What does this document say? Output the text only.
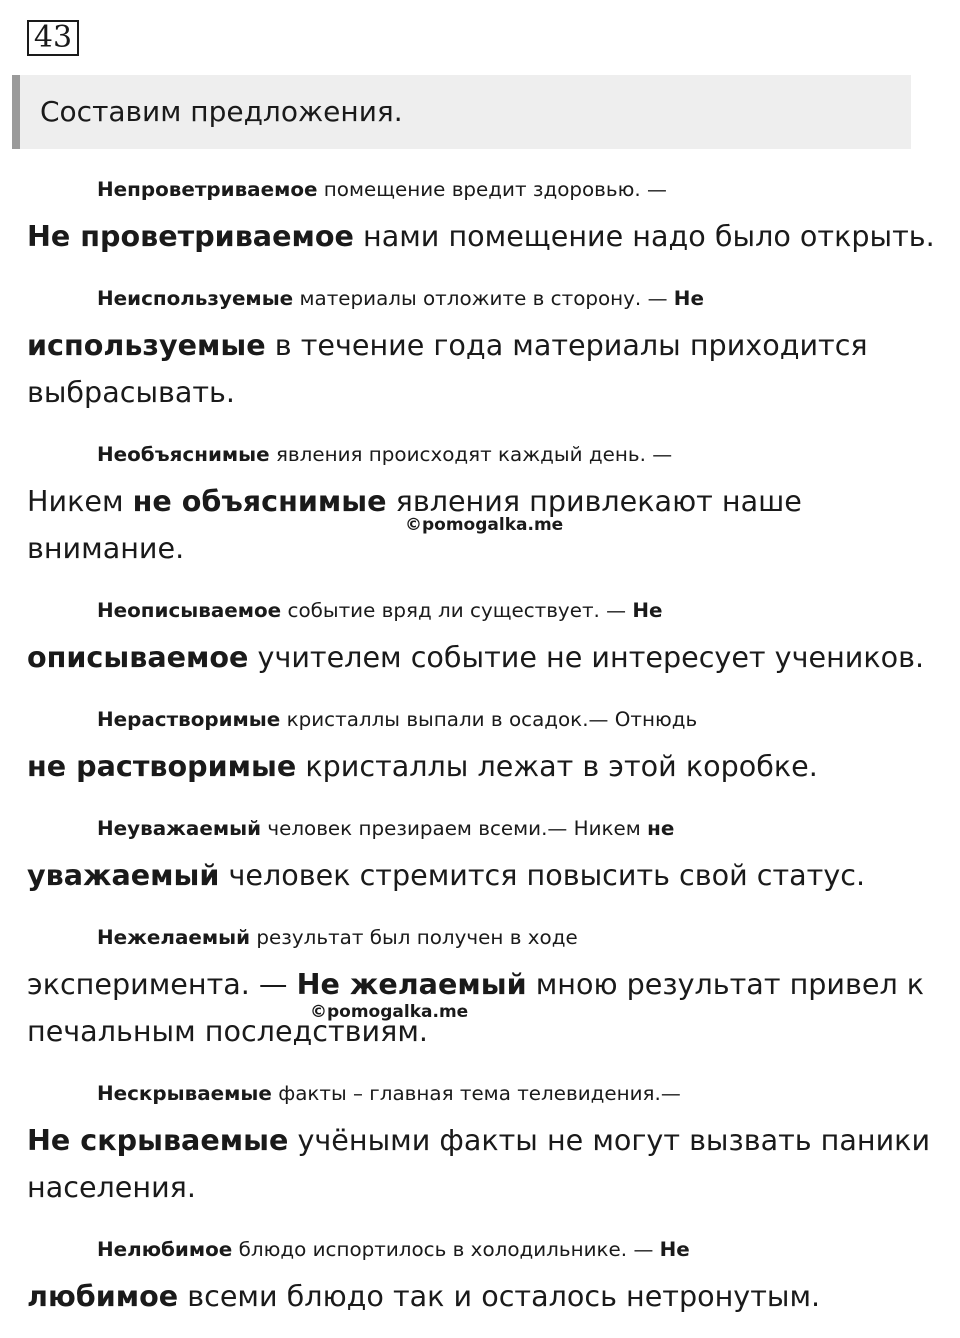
43
Составим предложения.

Непроветриваемое помещение вредит здоровью. —
Не проветриваемое нами помещение надо было открыть.

Неиспользуемые материалы отложите в сторону. — Не
используемые в течение года материалы приходится
выбрасывать.

Необъяснимые явления происходят каждый день. —
Никем не объяснимые явления привлекают наше
внимание.

Неописываемое событие вряд ли существует. — Не
описываемое учителем событие не интересует учеников.

Нерастворимые кристаллы выпали в осадок.— Отнюдь
не растворимые кристаллы лежат в этой коробке.

Неуважаемый человек презираем всеми.— Никем не
уважаемый человек стремится повысить свой статус.

Нежелаемый результат был получен в ходе
эксперимента. — Не желаемый мною результат привел к
печальным последствиям.

Нескрываемые факты – главная тема телевидения.—
Не скрываемые учёными факты не могут вызвать паники
населения.

Нелюбимое блюдо испортилось в холодильнике. — Не
любимое всеми блюдо так и осталось нетронутым.

©pomogalka.me
©pomogalka.me
